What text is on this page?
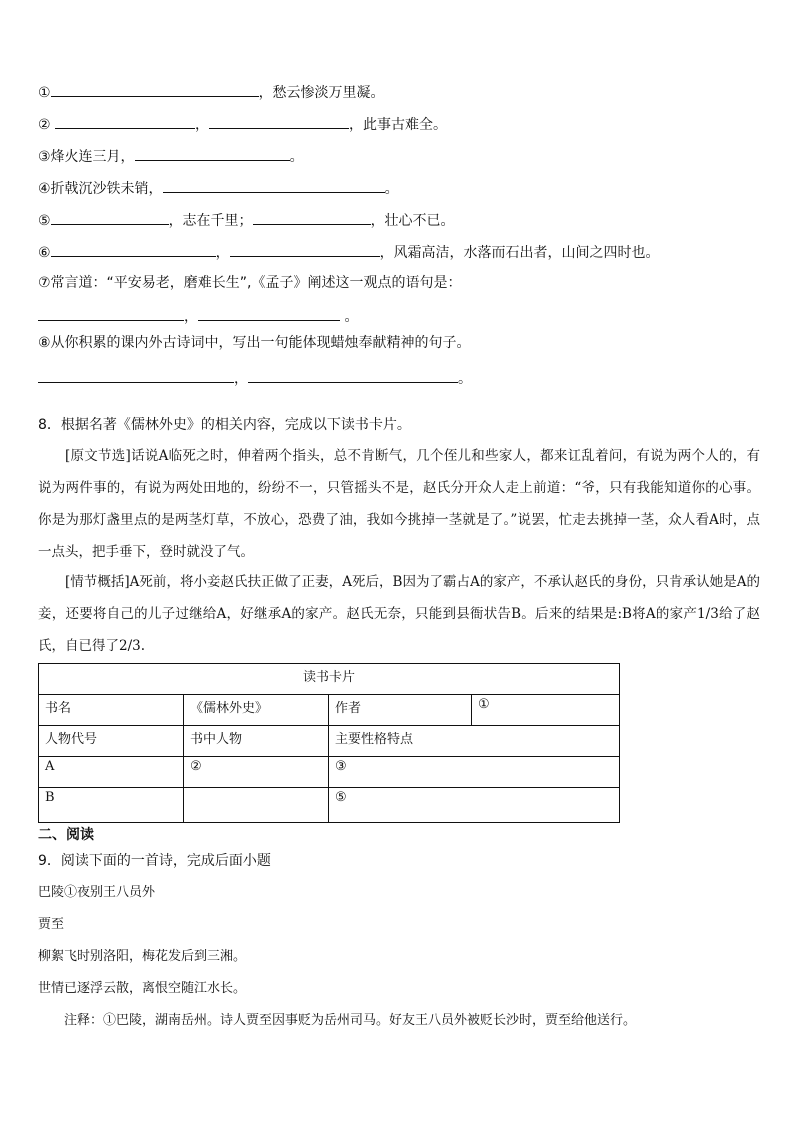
①	，愁云惨淡万里凝。
②	，	，此事古难全。
③烽火连三月，	。
④折戟沉沙铁未销，	。
⑤	，志在千里；	，壮心不已。
⑥	，	，风霜高洁，水落而石出者，山间之四时也。
⑦常言道：“平安易老，磨难长生”,《孟子》阐述这一观点的语句是：
，	。
⑧从你积累的课内外古诗词中，写出一句能体现蜡烛奉献精神的句子。
，	。
8．根据名著《儒林外史》的相关内容，完成以下读书卡片。
[原文节选]话说A临死之时，伸着两个指头，总不肯断气，几个侄儿和些家人，都来讧乱着问，有说为两个人的，有说为两件事的，有说为两处田地的，纷纷不一，只管摇头不是，赵氏分开众人走上前道：“爷，只有我能知道你的心事。你是为那灯盏里点的是两茎灯草，不放心，恐费了油，我如今挑掉一茎就是了。”说罢，忙走去挑掉一茎，众人看A时，点一点头，把手垂下，登时就没了气。
[情节概括]A死前，将小妾赵氏扶正做了正妻，A死后，B因为了霸占A的家产，不承认赵氏的身份，只肯承认她是A的妾，还要将自己的儿子过继给A，好继承A的家产。赵氏无奈，只能到县衙状告B。后来的结果是:B将A的家产1/3给了赵氏，自已得了2/3.
读书卡片			
书名	《儒林外史》	作者	①
人物代号	书中人物	主要性格特点	
A	②	③	
B		⑤	
二、阅读
9．阅读下面的一首诗，完成后面小题
巴陵①夜别王八员外
贾至
柳絮飞时别洛阳，梅花发后到三湘。
世情已逐浮云散，离恨空随江水长。
注释：①巴陵，湖南岳州。诗人贾至因事贬为岳州司马。好友王八员外被贬长沙时，贾至给他送行。
